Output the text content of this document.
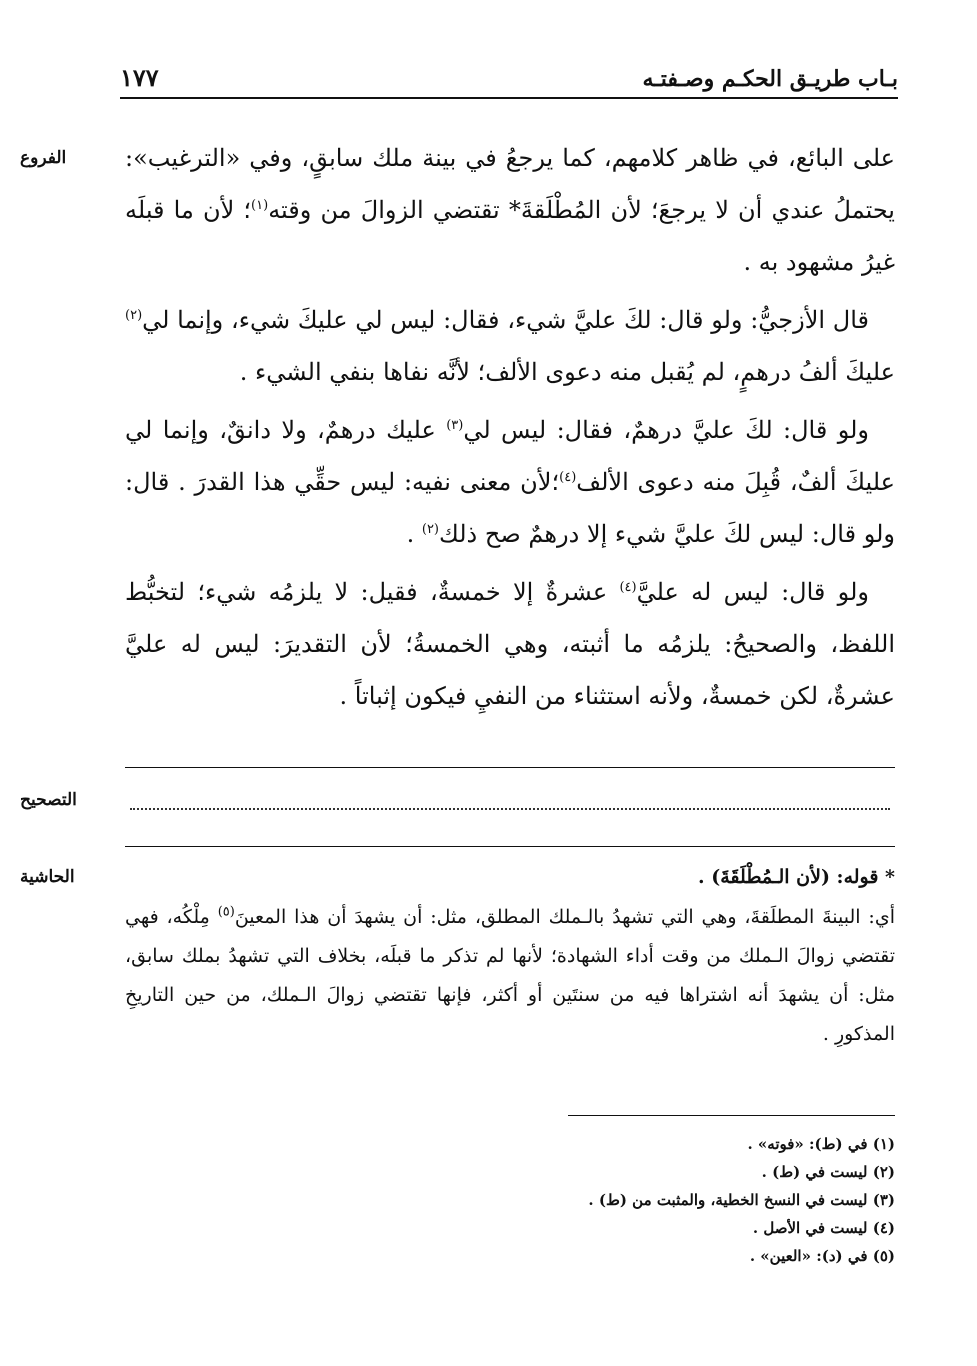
بـاب طريـق الحكـم وصـفتـه
١٧٧
الفروع	على البائع، في ظاهر كلامهم، كما يرجعُ في بينة ملك سابقٍ، وفي «الترغيب»: يحتملُ عندي أن لا يرجعَ؛ لأن المُطْلَقةَ* تقتضي الزوالَ من وقته$^{(١)}$؛ لأن ما قبلَه غيرُ مشهود به .

قال الأزجيُّ: ولو قال: لكَ عليَّ شيء، فقال: ليس لي عليكَ شيء، وإنما لي$^{(٢)}$ عليكَ ألفُ درهمٍ، لم يُقبل منه دعوى الألف؛ لأنَّه نفاها بنفي الشيء .

ولو قال: لكَ عليَّ درهمٌ، فقال: ليس لي$^{(٣)}$ عليك درهمٌ، ولا دانقٌ، وإنما لي عليكَ ألفٌ، قُبِلَ منه دعوى الألف$^{(٤)}$؛لأن معنى نفيه: ليس حقِّي هذا القدرَ . قال: ولو قال: ليس لكَ عليَّ شيء إلا درهمٌ صح ذلك$^{(٢)}$ .

ولو قال: ليس له عليَّ$^{(٤)}$ عشرةٌ إلا خمسةٌ، فقيل: لا يلزمُه شيء؛ لتخبُّط اللفظ، والصحيحُ: يلزمُه ما أثبته، وهي الخمسةُ؛ لأن التقديرَ: ليس له عليَّ عشرةٌ، لكن خمسةٌ، ولأنه استثناء من النفيِ فيكون إثباتاً .

التصحيح
الحاشية	* قوله: (لأن الـمُطْلَقَةَ) .

أي: البينةَ المطلَقةَ، وهي التي تشهدُ بالـملك المطلق، مثل: أن يشهدَ أن هذا المعينَ$^{(٥)}$ مِلْكُه، فهي تقتضي زوالَ الـملك من وقت أداء الشهادة؛ لأنها لم تذكر ما قبلَه، بخلاف التي تشهدُ بملك سابق، مثل: أن يشهدَ أنه اشتراها فيه من سنتَين أو أكثر، فإنها تقتضي زوالَ الـملك، من حين التاريخِ المذكورِ .

(١) في (ط): «فوته» .
(٢) ليست في (ط) .
(٣) ليست في النسخ الخطية، والمثبت من (ط) .
(٤) ليست في الأصل .
(٥) في (د): «العين» .
